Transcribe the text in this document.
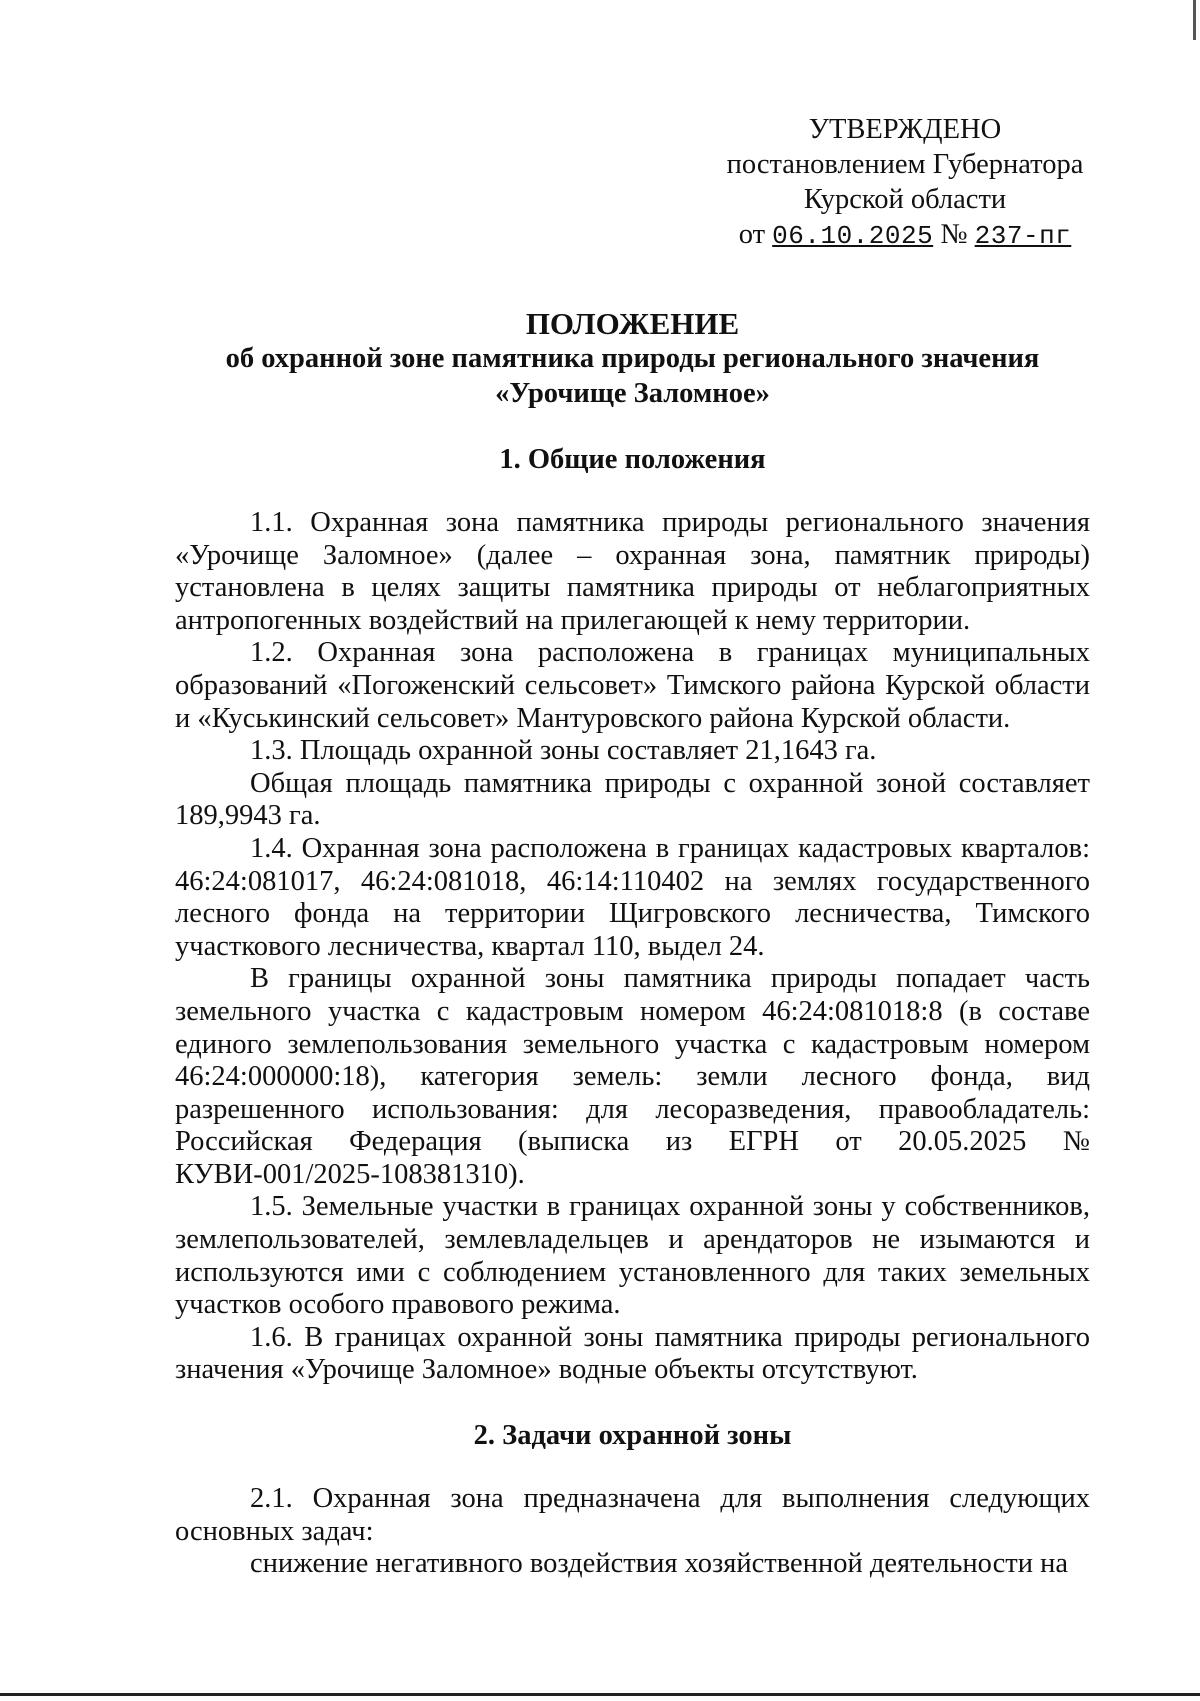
УТВЕРЖДЕНО
постановлением Губернатора
Курской области
от 06.10.2025 № 237-пг
ПОЛОЖЕНИЕ
об охранной зоне памятника природы регионального значения
«Урочище Заломное»
1. Общие положения

1.1. Охранная зона памятника природы регионального значения «Урочище Заломное» (далее – охранная зона, памятник природы) установлена в целях защиты памятника природы от неблагоприятных антропогенных воздействий на прилегающей к нему территории.

1.2. Охранная зона расположена в границах муниципальных образований «Погоженский сельсовет» Тимского района Курской области и «Куськинский сельсовет» Мантуровского района Курской области.

1.3. Площадь охранной зоны составляет 21,1643 га.

Общая площадь памятника природы с охранной зоной составляет 189,9943 га.

1.4. Охранная зона расположена в границах кадастровых кварталов: 46:24:081017, 46:24:081018, 46:14:110402 на землях государственного лесного фонда на территории Щигровского лесничества, Тимского участкового лесничества, квартал 110, выдел 24.

В границы охранной зоны памятника природы попадает часть земельного участка с кадастровым номером 46:24:081018:8 (в составе единого землепользования земельного участка с кадастровым номером 46:24:000000:18), категория земель: земли лесного фонда, вид разрешенного использования: для лесоразведения, правообладатель: Российская Федерация (выписка из ЕГРН от 20.05.2025 № КУВИ-001/2025-108381310).

1.5. Земельные участки в границах охранной зоны у собственников, землепользователей, землевладельцев и арендаторов не изымаются и используются ими с соблюдением установленного для таких земельных участков особого правового режима.

1.6. В границах охранной зоны памятника природы регионального значения «Урочище Заломное» водные объекты отсутствуют.

2. Задачи охранной зоны

2.1. Охранная зона предназначена для выполнения следующих основных задач:

снижение негативного воздействия хозяйственной деятельности на
